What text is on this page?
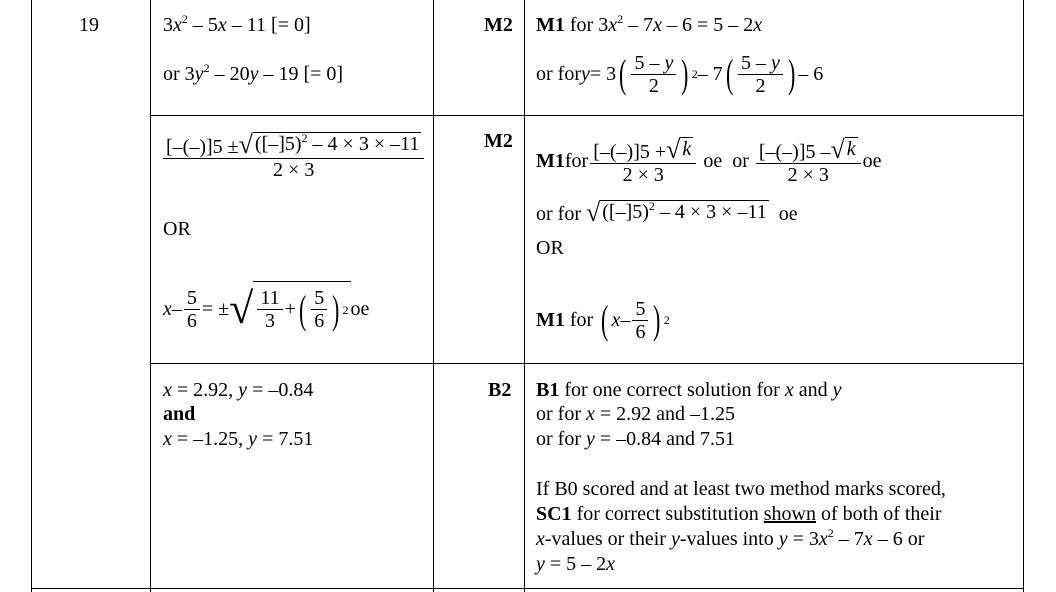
19	$3x^2 - 5x - 11$ [= 0]
or $3y^2 - 20y - 19$ [= 0]
M2 M1 for $3x^2 - 7x - 6 = 5 - 2x$
or for y = 3 ( $\frac{5 - y}{2}$ ) 2 – 7 ( $\frac{5 - y}{2}$ ) – 6
$\frac{[-(-)]5 \pm √ ([-]5)^2 - 4 \times 3 \times -11}{2 \times 3}$
OR
x – $\frac{5}{6}$ = ± √ $\frac{11}{3}$ + ( $\frac{5}{6}$ ) 2 oe
M2
M1 for $\frac{[-(-)]5 + √ k}{2 \times 3}$ oe  or $\frac{[-(-)]5 - √ k}{2 \times 3}$ oe
or for √ $([-]5)^2 - 4 \times 3 \times -11$ oe
OR
M1 for ( x – $\frac{5}{6}$ ) 2
x = 2.92, y = –0.84
and
x = –1.25, y = 7.51
B2 B1 for one correct solution for x and y
or for x = 2.92 and –1.25
or for y = –0.84 and 7.51
If B0 scored and at least two method marks scored,
SC1 for correct substitution shown of both of their
x-values or their y-values into $y = 3x^2 - 7x - 6$ or
y = 5 – 2x
